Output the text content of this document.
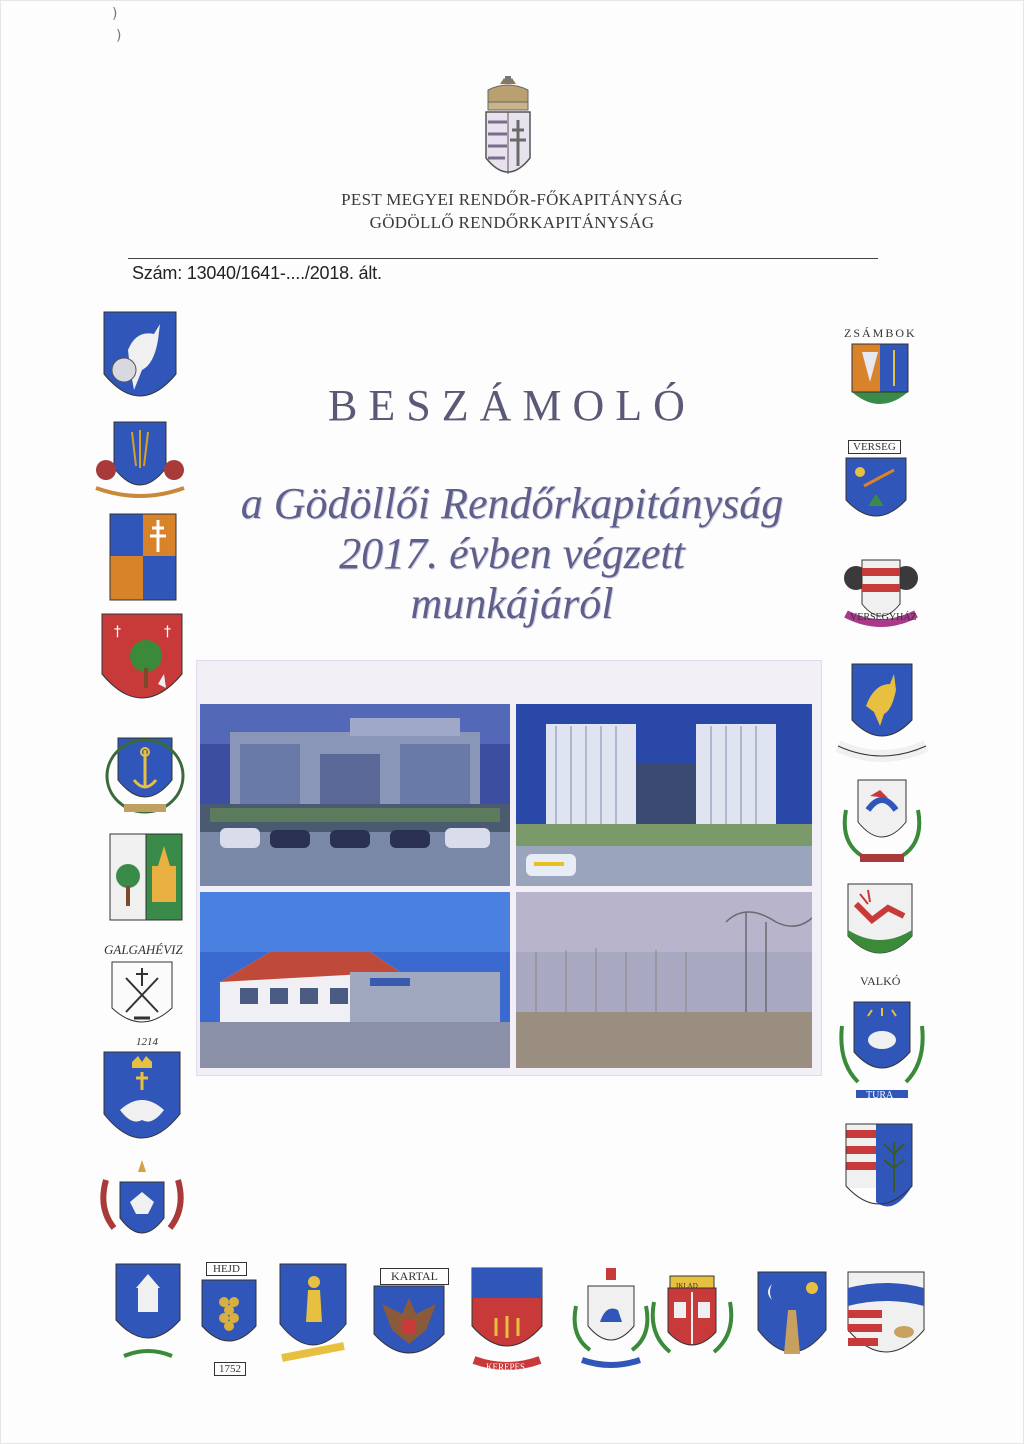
)
)
PEST MEGYEI RENDŐR-FŐKAPITÁNYSÁG
GÖDÖLLŐ RENDŐRKAPITÁNYSÁG
Szám: 13040/1641-..../2018. ált.
BESZÁMOLÓ
a Gödöllői Rendőrkapitányság
2017. évben végzett
munkájáról
†	†
GALGAHÉVIZ
1214
ZSÁMBOK
VERSEG
VERSEGYHÁZ
VALKÓ
TURA
HEJD
1752
KARTAL
KEREPES
IKLAD
